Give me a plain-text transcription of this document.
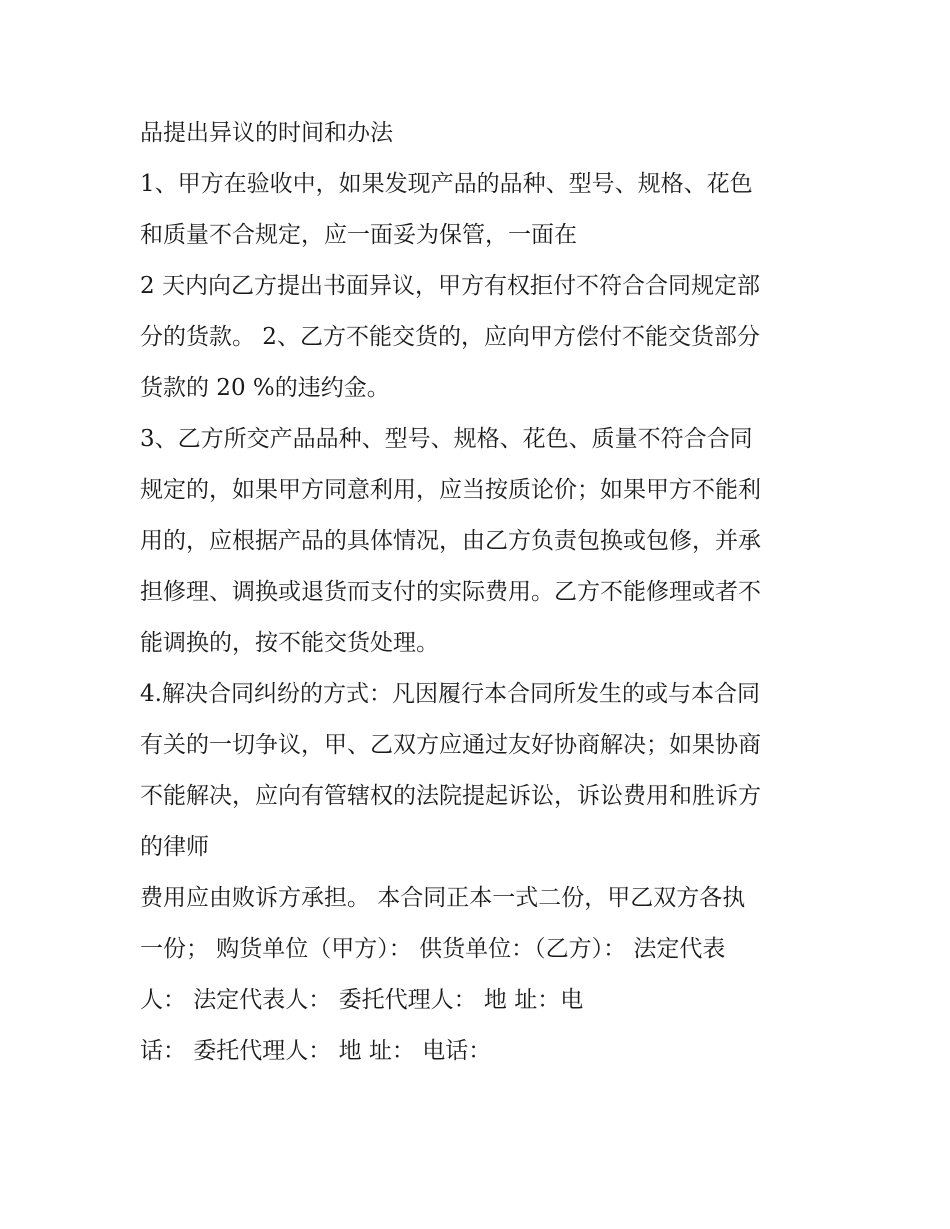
品提出异议的时间和办法
1、甲方在验收中，如果发现产品的品种、型号、规格、花色
和质量不合规定，应一面妥为保管，一面在
2 天内向乙方提出书面异议，甲方有权拒付不符合合同规定部
分的货款。 2、乙方不能交货的，应向甲方偿付不能交货部分
货款的 20 %的违约金。
3、乙方所交产品品种、型号、规格、花色、质量不符合合同
规定的，如果甲方同意利用，应当按质论价；如果甲方不能利
用的，应根据产品的具体情况，由乙方负责包换或包修，并承
担修理、调换或退货而支付的实际费用。乙方不能修理或者不
能调换的，按不能交货处理。
4.解决合同纠纷的方式：凡因履行本合同所发生的或与本合同
有关的一切争议，甲、乙双方应通过友好协商解决；如果协商
不能解决，应向有管辖权的法院提起诉讼，诉讼费用和胜诉方
的律师
费用应由败诉方承担。 本合同正本一式二份，甲乙双方各执
一份； 购货单位（甲方）： 供货单位：（乙方）： 法定代表
人： 法定代表人： 委托代理人： 地 址：电
话： 委托代理人： 地 址： 电话：
